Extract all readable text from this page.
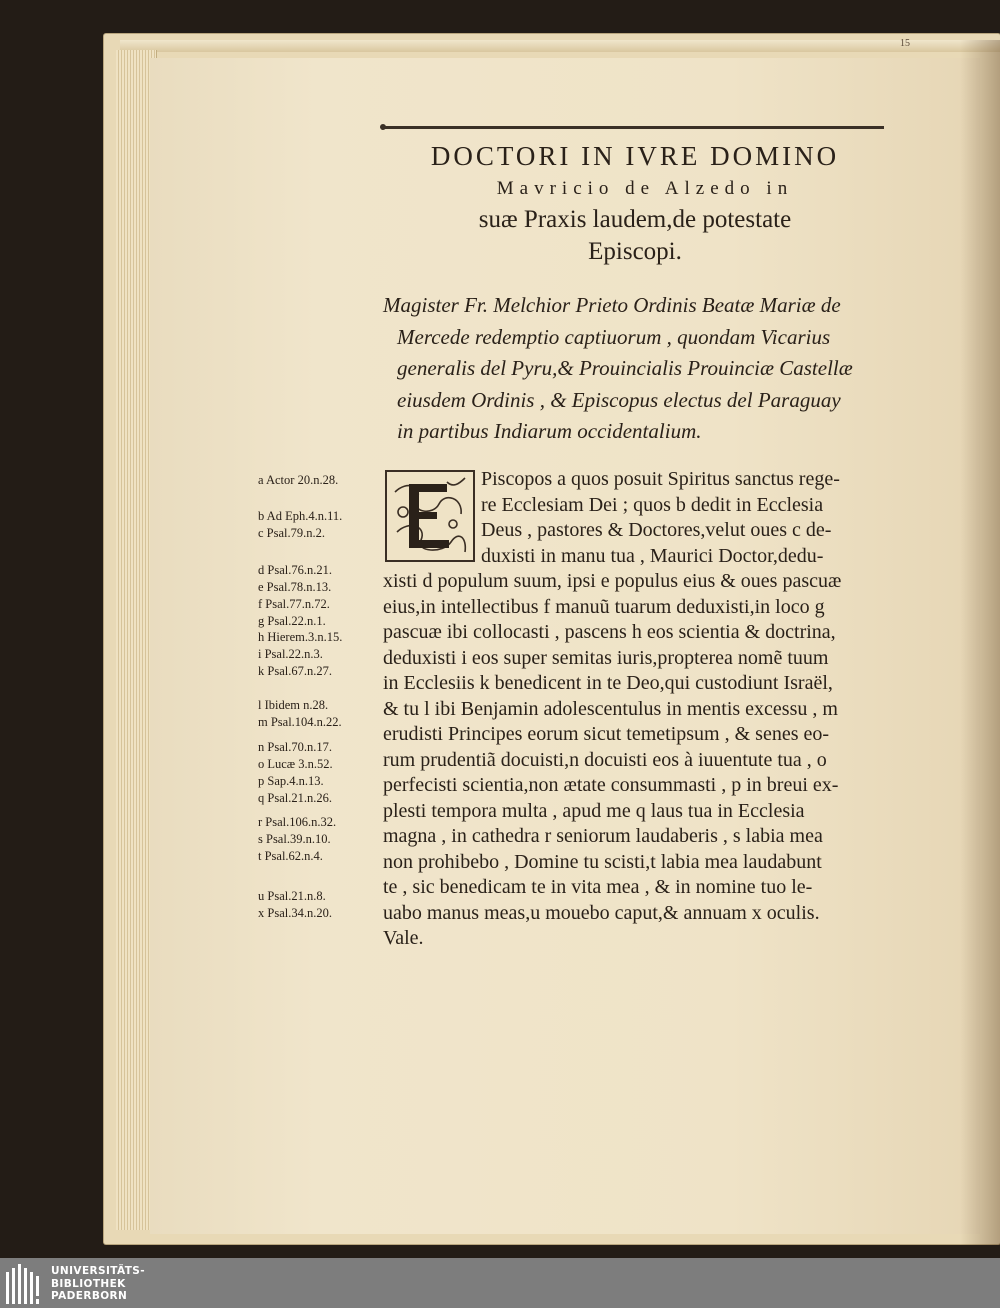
15
DOCTORI IN IVRE DOMINO
Mavricio de Alzedo in
suæ Praxis laudem,de potestate
Episcopi.
Magister Fr. Melchior Prieto Ordinis Beatæ Mariæ de
Mercede redemptio captiuorum , quondam Vicarius
generalis del Pyru,& Prouincialis Prouinciæ Castellæ
eiusdem Ordinis , & Episcopus electus del Paraguay
in partibus Indiarum occidentalium.
a Actor 20.n.28.
b Ad Eph.4.n.11.
c Psal.79.n.2.
d Psal.76.n.21.
e Psal.78.n.13.
f Psal.77.n.72.
g Psal.22.n.1.
h Hierem.3.n.15.
i Psal.22.n.3.
k Psal.67.n.27.
l Ibidem n.28.
m Psal.104.n.22.
n Psal.70.n.17.
o Lucæ 3.n.52.
p Sap.4.n.13.
q Psal.21.n.26.
r Psal.106.n.32.
s Psal.39.n.10.
t Psal.62.n.4.
u Psal.21.n.8.
x Psal.34.n.20.
Piscopos a quos posuit Spiritus sanctus rege-
re Ecclesiam Dei ; quos b dedit in Ecclesia
Deus , pastores & Doctores,velut oues c de-
duxisti in manu tua , Maurici Doctor,dedu-
xisti d populum suum, ipsi e populus eius & oues pascuæ
eius,in intellectibus f manuũ tuarum deduxisti,in loco g
pascuæ ibi collocasti , pascens h eos scientia & doctrina,
deduxisti i eos super semitas iuris,propterea nomẽ tuum
in Ecclesiis k benedicent in te Deo,qui custodiunt Israël,
& tu l ibi Benjamin adolescentulus in mentis excessu , m
erudisti Principes eorum sicut temetipsum , & senes eo-
rum prudentiã docuisti,n docuisti eos à iuuentute tua , o
perfecisti scientia,non ætate consummasti , p in breui ex-
plesti tempora multa , apud me q laus tua in Ecclesia
magna , in cathedra r seniorum laudaberis , s labia mea
non prohibebo , Domine tu scisti,t labia mea laudabunt
te , sic benedicam te in vita mea , & in nomine tuo le-
uabo manus meas,u mouebo caput,& annuam x oculis.
Vale.
UNIVERSITÄTS-
BIBLIOTHEK
PADERBORN
